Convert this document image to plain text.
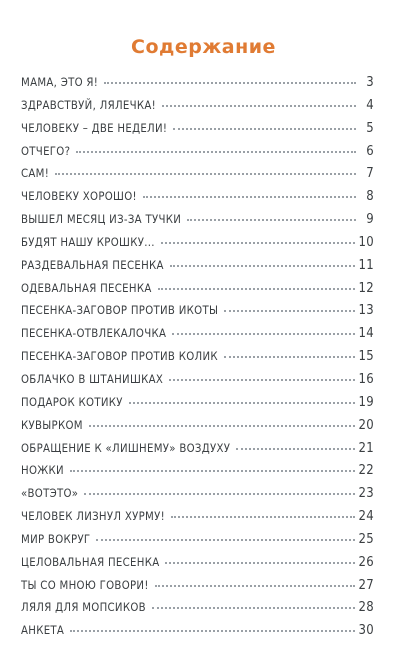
Содержание
МАМА, ЭТО Я!	3
ЗДРАВСТВУЙ, ЛЯЛЕЧКА!	4
ЧЕЛОВЕКУ – ДВЕ НЕДЕЛИ!	5
ОТЧЕГО?	6
САМ!	7
ЧЕЛОВЕКУ ХОРОШО!	8
ВЫШЕЛ МЕСЯЦ ИЗ-ЗА ТУЧКИ	9
БУДЯТ НАШУ КРОШКУ...	10
РАЗДЕВАЛЬНАЯ ПЕСЕНКА	11
ОДЕВАЛЬНАЯ ПЕСЕНКА	12
ПЕСЕНКА-ЗАГОВОР ПРОТИВ ИКОТЫ	13
ПЕСЕНКА-ОТВЛЕКАЛОЧКА	14
ПЕСЕНКА-ЗАГОВОР ПРОТИВ КОЛИК	15
ОБЛАЧКО В ШТАНИШКАХ	16
ПОДАРОК КОТИКУ	19
КУВЫРКОМ	20
ОБРАЩЕНИЕ К «ЛИШНЕМУ» ВОЗДУХУ	21
НОЖКИ	22
«ВОТЭТО»	23
ЧЕЛОВЕК ЛИЗНУЛ ХУРМУ!	24
МИР ВОКРУГ	25
ЦЕЛОВАЛЬНАЯ ПЕСЕНКА	26
ТЫ СО МНОЮ ГОВОРИ!	27
ЛЯЛЯ ДЛЯ МОПСИКОВ	28
АНКЕТА	30
